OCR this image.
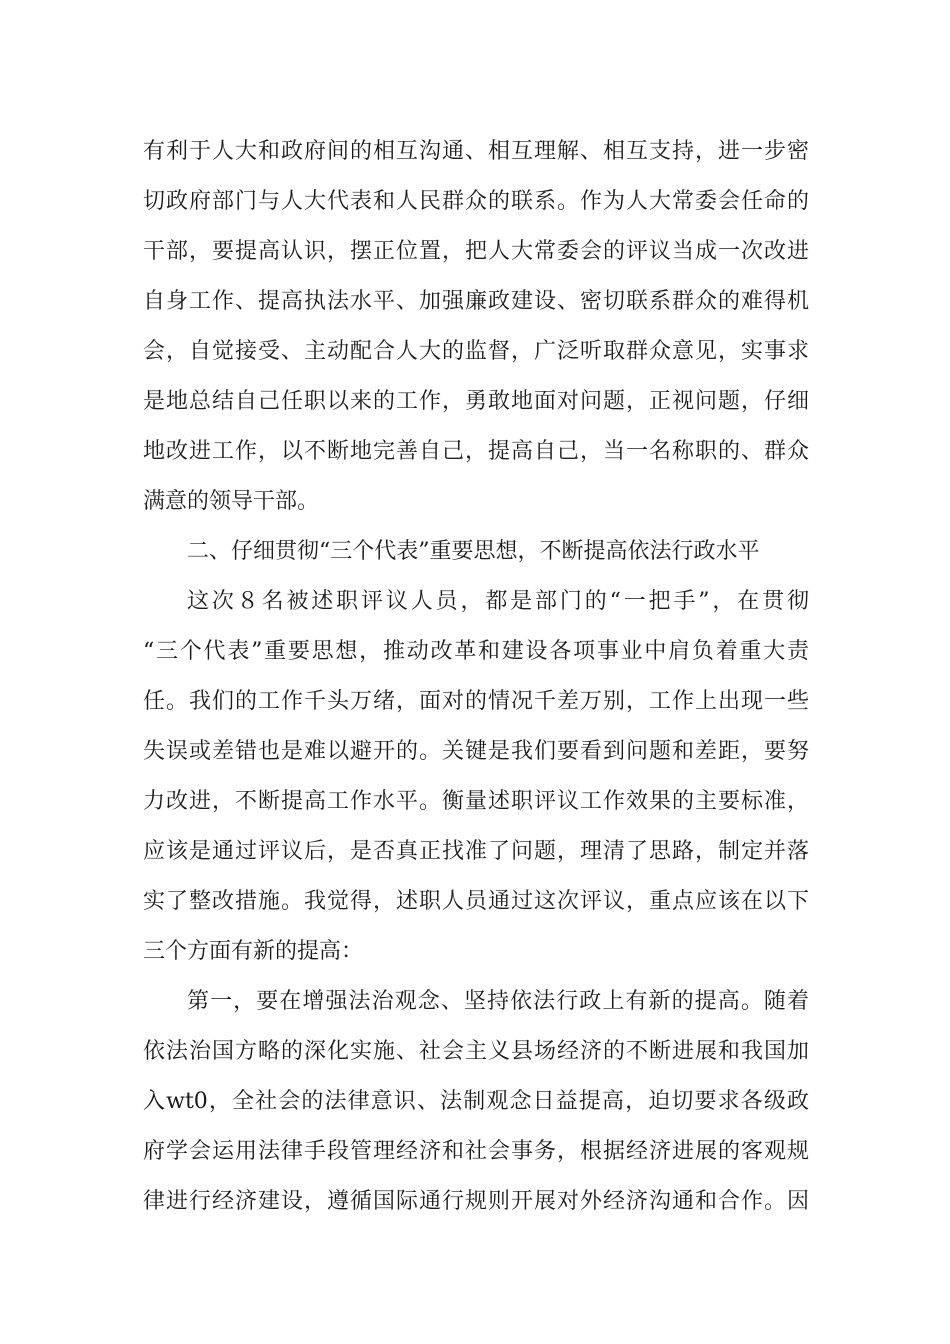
有利于人大和政府间的相互沟通、相互理解、相互支持，进一步密
切政府部门与人大代表和人民群众的联系。作为人大常委会任命的
干部，要提高认识，摆正位置，把人大常委会的评议当成一次改进
自身工作、提高执法水平、加强廉政建设、密切联系群众的难得机
会，自觉接受、主动配合人大的监督，广泛听取群众意见，实事求
是地总结自己任职以来的工作，勇敢地面对问题，正视问题，仔细
地改进工作，以不断地完善自己，提高自己，当一名称职的、群众
满意的领导干部。
二、仔细贯彻“三个代表”重要思想，不断提高依法行政水平
这次８名被述职评议人员，都是部门的“一把手”，在贯彻
“三个代表”重要思想，推动改革和建设各项事业中肩负着重大责
任。我们的工作千头万绪，面对的情况千差万别，工作上出现一些
失误或差错也是难以避开的。关键是我们要看到问题和差距，要努
力改进，不断提高工作水平。衡量述职评议工作效果的主要标准，
应该是通过评议后，是否真正找准了问题，理清了思路，制定并落
实了整改措施。我觉得，述职人员通过这次评议，重点应该在以下
三个方面有新的提高：
第一，要在增强法治观念、坚持依法行政上有新的提高。随着
依法治国方略的深化实施、社会主义县场经济的不断进展和我国加
入wt0，全社会的法律意识、法制观念日益提高，迫切要求各级政
府学会运用法律手段管理经济和社会事务，根据经济进展的客观规
律进行经济建设，遵循国际通行规则开展对外经济沟通和合作。因
